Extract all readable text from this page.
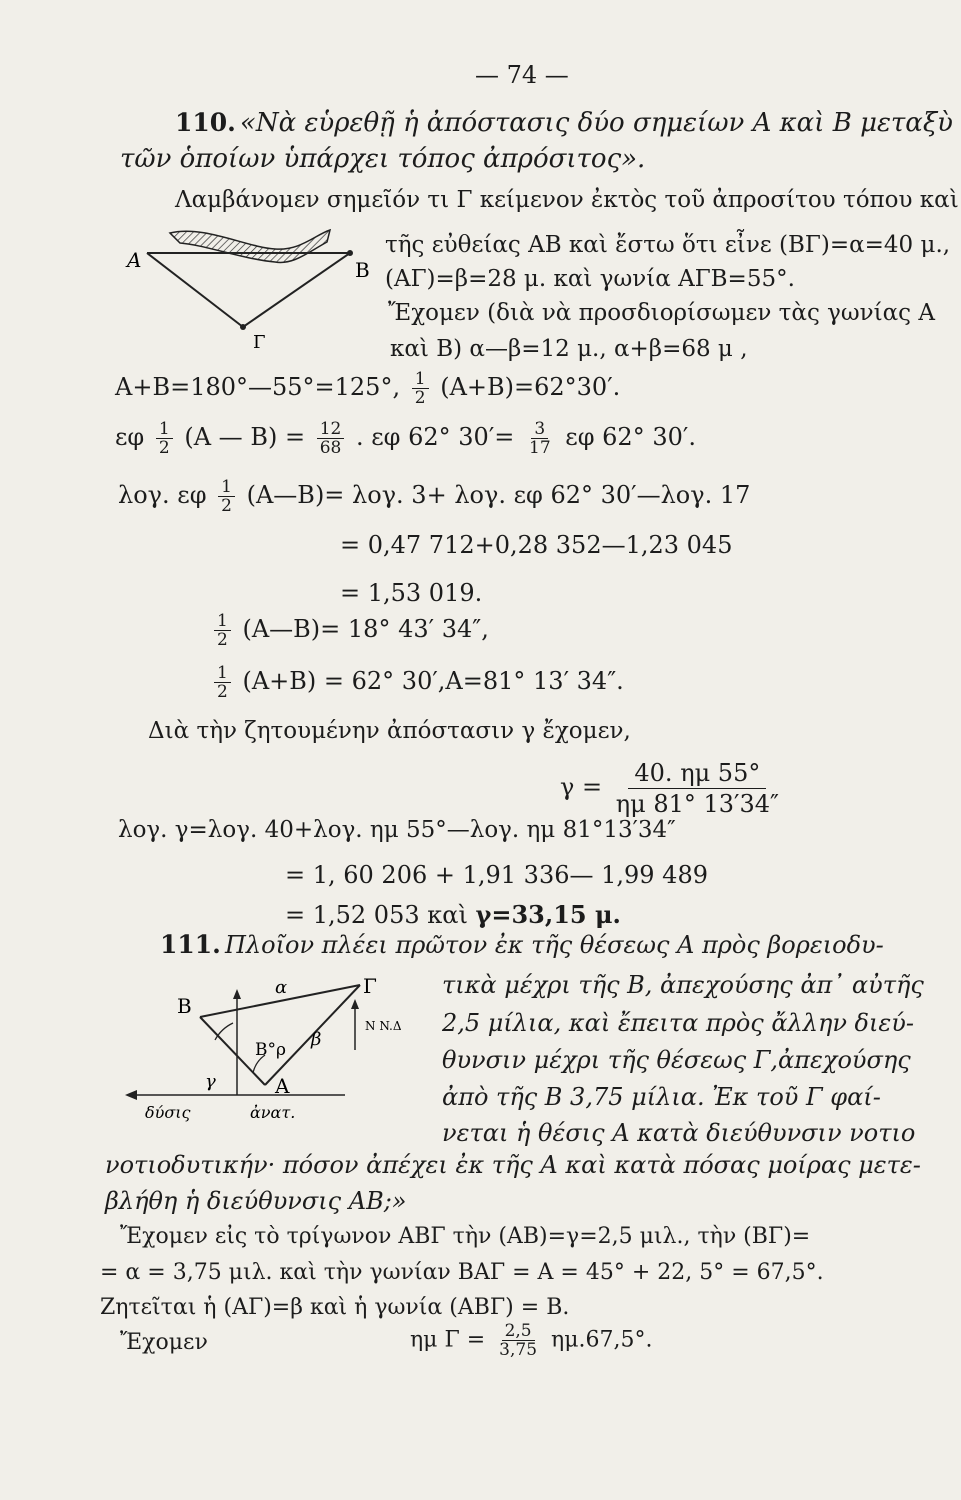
— 74 —
110. «Νὰ εὑρεθῇ ἡ ἀπόστασις δύο σημείων Α καὶ Β μεταξὺ
τῶν ὁποίων ὑπάρχει τόπος ἀπρόσιτος».
Λαμβάνομεν σημεῖόν τι Γ κείμενον ἐκτὸς τοῦ ἀπροσίτου τόπου καὶ
A	B
Γ
τῆς εὐθείας ΑΒ καὶ ἔστω ὅτι εἶνε (ΒΓ)=α=40 μ.,
(ΑΓ)=β=28 μ. καὶ γωνία ΑΓΒ=55°.
Ἔχομεν (διὰ νὰ προσδιορίσωμεν τὰς γωνίας Α
καὶ Β) α—β=12 μ., α+β=68 μ ,
Α+Β=180°—55°=125°, $\frac{1}{2} (A+B)=62^\circ 30'$.
εφ $\frac{1}{2} (A$ — $B) = \frac{12}{68}$ . εφ 62° $30'= \frac{3}{17}$ εφ 62° 30′.
λογ. εφ $\frac{1}{2}$ (Α—Β)= λογ. 3+ λογ. εφ 62° 30′—λογ. 17
= 0,47 712+0,28 352—1,23 045
= 1,53 019.
$\frac{1}{2}$ (Α—Β)= 18° 43′ 34″,
$\frac{1}{2} (A+B) = 62^\circ$ 30′,Α=81° 13′ 34″.
Διὰ τὴν ζητουμένην ἀπόστασιν γ ἔχομεν,
$\gamma = \frac{40. \eta\mu 55^\circ}{\eta\mu 81^\circ 13'34''}$
λογ. γ=λογ. 40+λογ. ημ 55°—λογ. ημ 81°13′34″
= 1, 60 206 + 1,91 336— 1,99 489
= 1,52 053 καὶ γ=33,15 μ.
111. Πλοῖον πλέει πρῶτον ἐκ τῆς θέσεως Α πρὸς βορειοδυ-
B
Γ
α
B°ρ β
γ	A
N N.Δ
δύσις	ἀνατ.
τικὰ μέχρι τῆς Β, ἀπεχούσης ἀπ᾽ αὐτῆς
2,5 μίλια, καὶ ἔπειτα πρὸς ἄλλην διεύ-
θυνσιν μέχρι τῆς θέσεως Γ,ἀπεχούσης
ἀπὸ τῆς Β 3,75 μίλια. Ἐκ τοῦ Γ φαί-
νεται ἡ θέσις Α κατὰ διεύθυνσιν νοτιο
νοτιοδυτικήν· πόσον ἀπέχει ἐκ τῆς Α καὶ κατὰ πόσας μοίρας μετε-
βλήθη ἡ διεύθυνσις ΑΒ;»
Ἔχομεν εἰς τὸ τρίγωνον ΑΒΓ τὴν (ΑΒ)=γ=2,5 μιλ., τὴν (ΒΓ)=
= α = 3,75 μιλ. καὶ τὴν γωνίαν ΒΑΓ = Α = 45° + 22, 5° = 67,5°.
Ζητεῖται ἡ (ΑΓ)=β καὶ ἡ γωνία (ΑΒΓ) = Β.
Ἔχομεν	ημ $\Gamma = \frac{2,5}{3,75} \eta\mu.67,5^\circ$.
